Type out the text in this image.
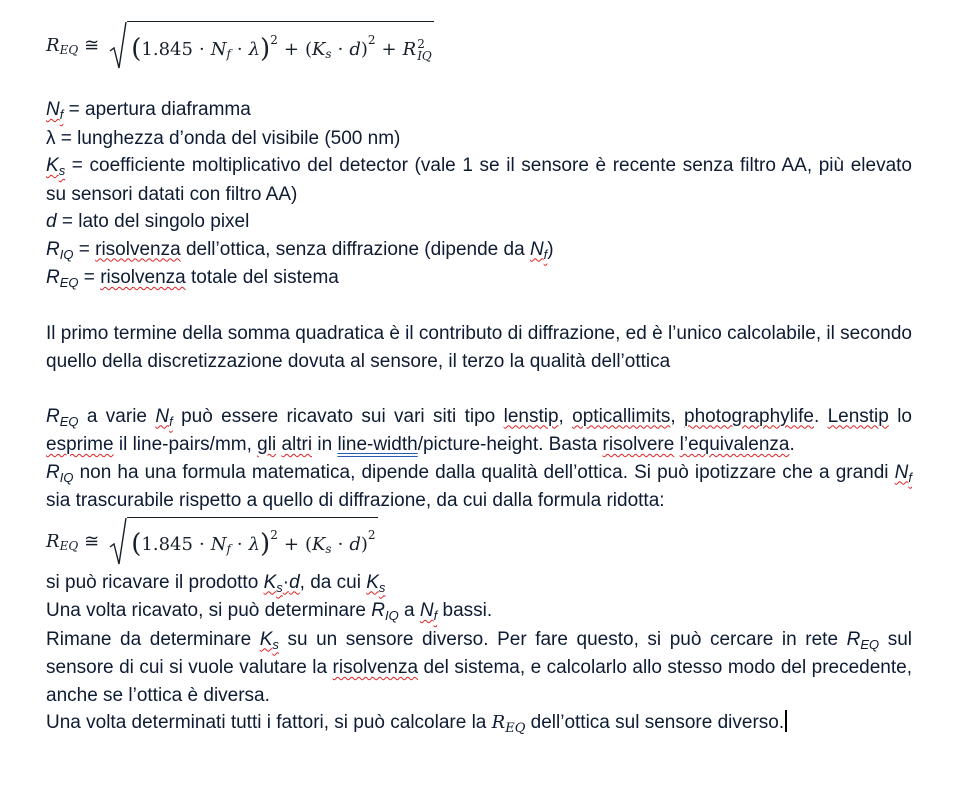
R EQ ≅ ( 1.845 · N f · λ ) 2 + ( K s · d ) 2 + R 2
IQ

$N_f$ = apertura diaframma

λ = lunghezza d’onda del visibile (500 nm)

$K_s$ = coefficiente moltiplicativo del detector (vale 1 se il sensore è recente senza filtro AA, più elevato su sensori datati con filtro AA)

d = lato del singolo pixel

$R_{IQ}$ = risolvenza dell’ottica, senza diffrazione (dipende da $N_f$)

$R_{EQ}$ = risolvenza totale del sistema

Il primo termine della somma quadratica è il contributo di diffrazione, ed è l’unico calcolabile, il secondo quello della discretizzazione dovuta al sensore, il terzo la qualità dell’ottica

$R_{EQ}$ a varie $N_f$ può essere ricavato sui vari siti tipo lenstip, opticallimits, photographylife. Lenstip lo esprime il line-pairs/mm, gli altri in line-width/picture-height. Basta risolvere l’equivalenza.

$R_{IQ}$ non ha una formula matematica, dipende dalla qualità dell’ottica. Si può ipotizzare che a grandi $N_f$ sia trascurabile rispetto a quello di diffrazione, da cui dalla formula ridotta:

R EQ ≅ ( 1.845 · N f · λ ) 2 + ( K s · d ) 2

si può ricavare il prodotto $K_s\cdot d$, da cui $K_s$

Una volta ricavato, si può determinare $R_{IQ}$ a $N_f$ bassi.

Rimane da determinare $K_s$ su un sensore diverso. Per fare questo, si può cercare in rete $R_{EQ}$ sul sensore di cui si vuole valutare la risolvenza del sistema, e calcolarlo allo stesso modo del precedente, anche se l’ottica è diversa.

Una volta determinati tutti i fattori, si può calcolare la $R_{EQ}$ dell’ottica sul sensore diverso.
